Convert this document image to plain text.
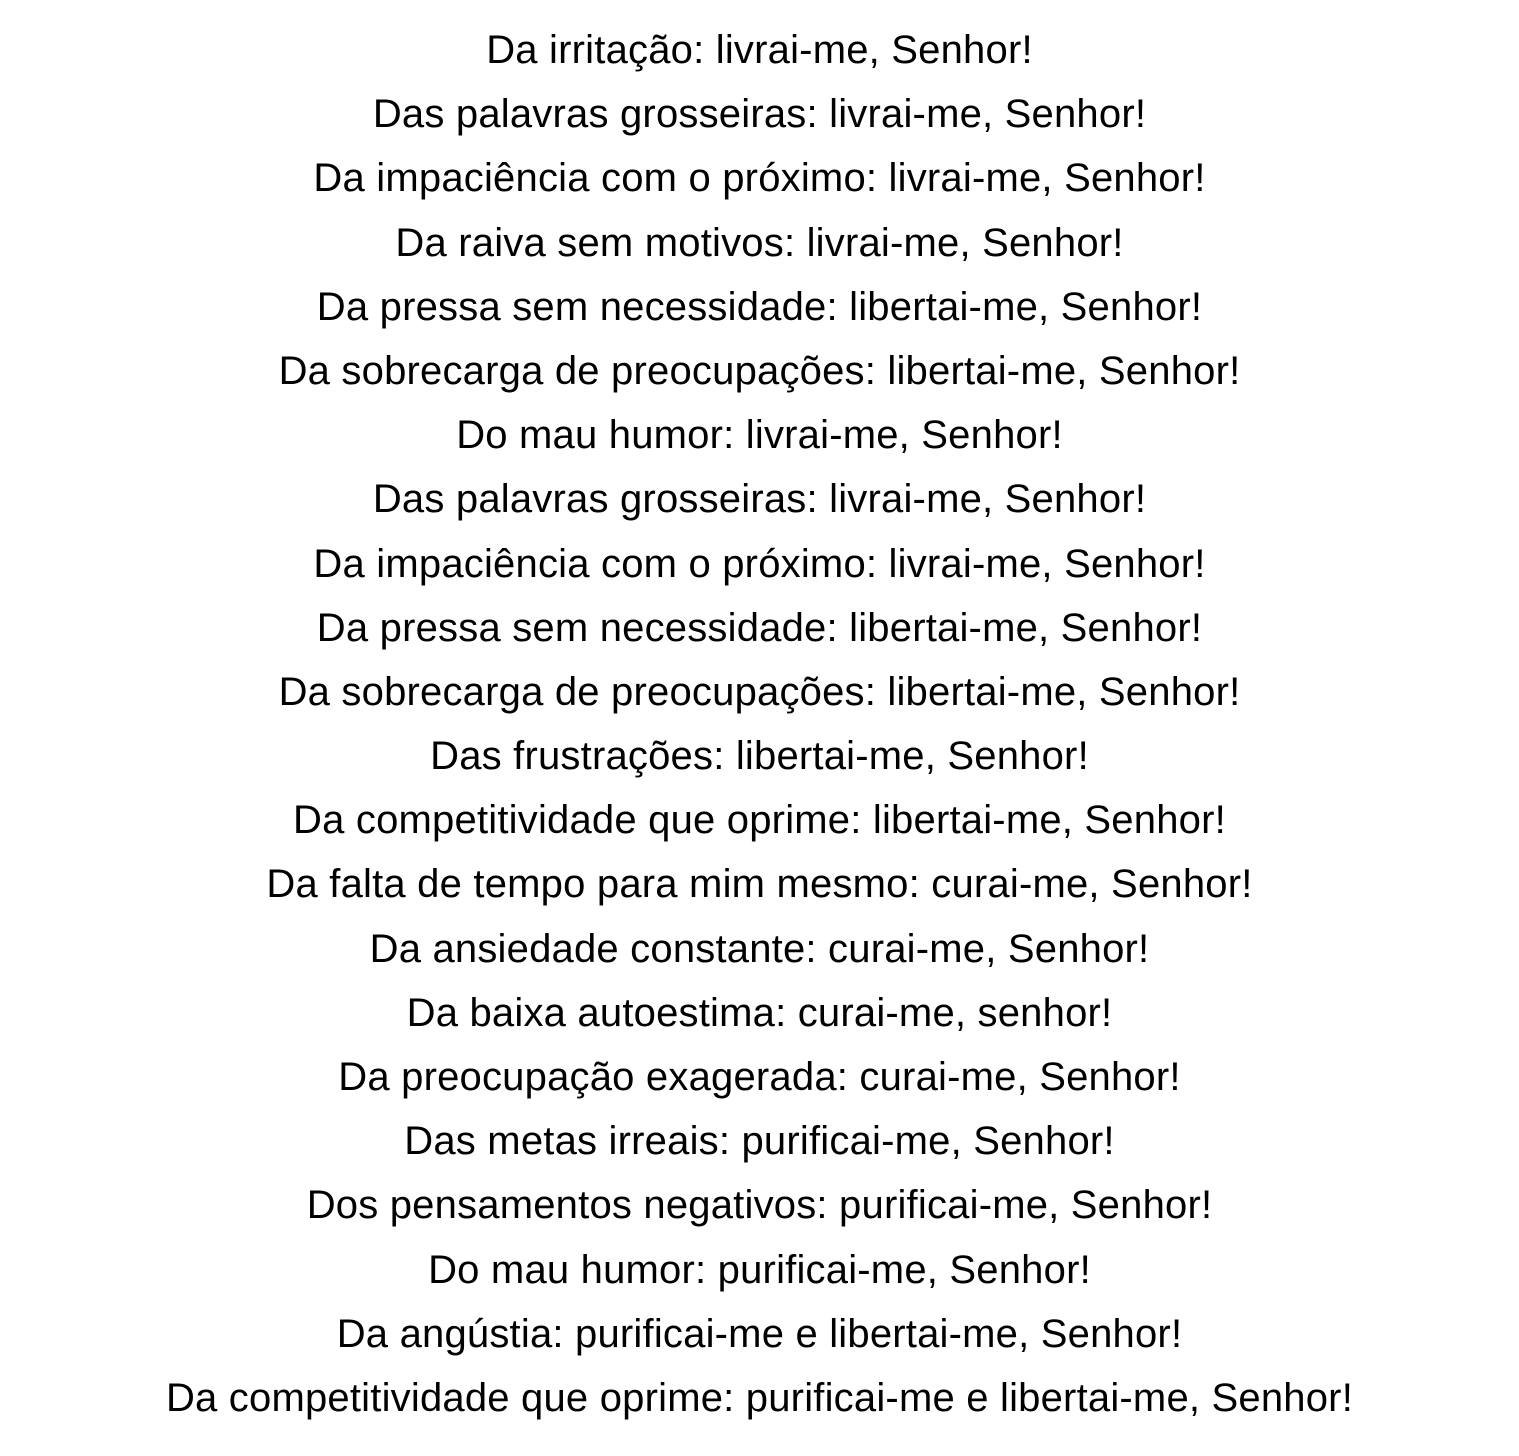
Da irritação: livrai-me, Senhor!
Das palavras grosseiras: livrai-me, Senhor!
Da impaciência com o próximo: livrai-me, Senhor!
Da raiva sem motivos: livrai-me, Senhor!
Da pressa sem necessidade: libertai-me, Senhor!
Da sobrecarga de preocupações: libertai-me, Senhor!
Do mau humor: livrai-me, Senhor!
Das palavras grosseiras: livrai-me, Senhor!
Da impaciência com o próximo: livrai-me, Senhor!
Da pressa sem necessidade: libertai-me, Senhor!
Da sobrecarga de preocupações: libertai-me, Senhor!
Das frustrações: libertai-me, Senhor!
Da competitividade que oprime: libertai-me, Senhor!
Da falta de tempo para mim mesmo: curai-me, Senhor!
Da ansiedade constante: curai-me, Senhor!
Da baixa autoestima: curai-me, senhor!
Da preocupação exagerada: curai-me, Senhor!
Das metas irreais: purificai-me, Senhor!
Dos pensamentos negativos: purificai-me, Senhor!
Do mau humor: purificai-me, Senhor!
Da angústia: purificai-me e libertai-me, Senhor!
Da competitividade que oprime: purificai-me e libertai-me, Senhor!
